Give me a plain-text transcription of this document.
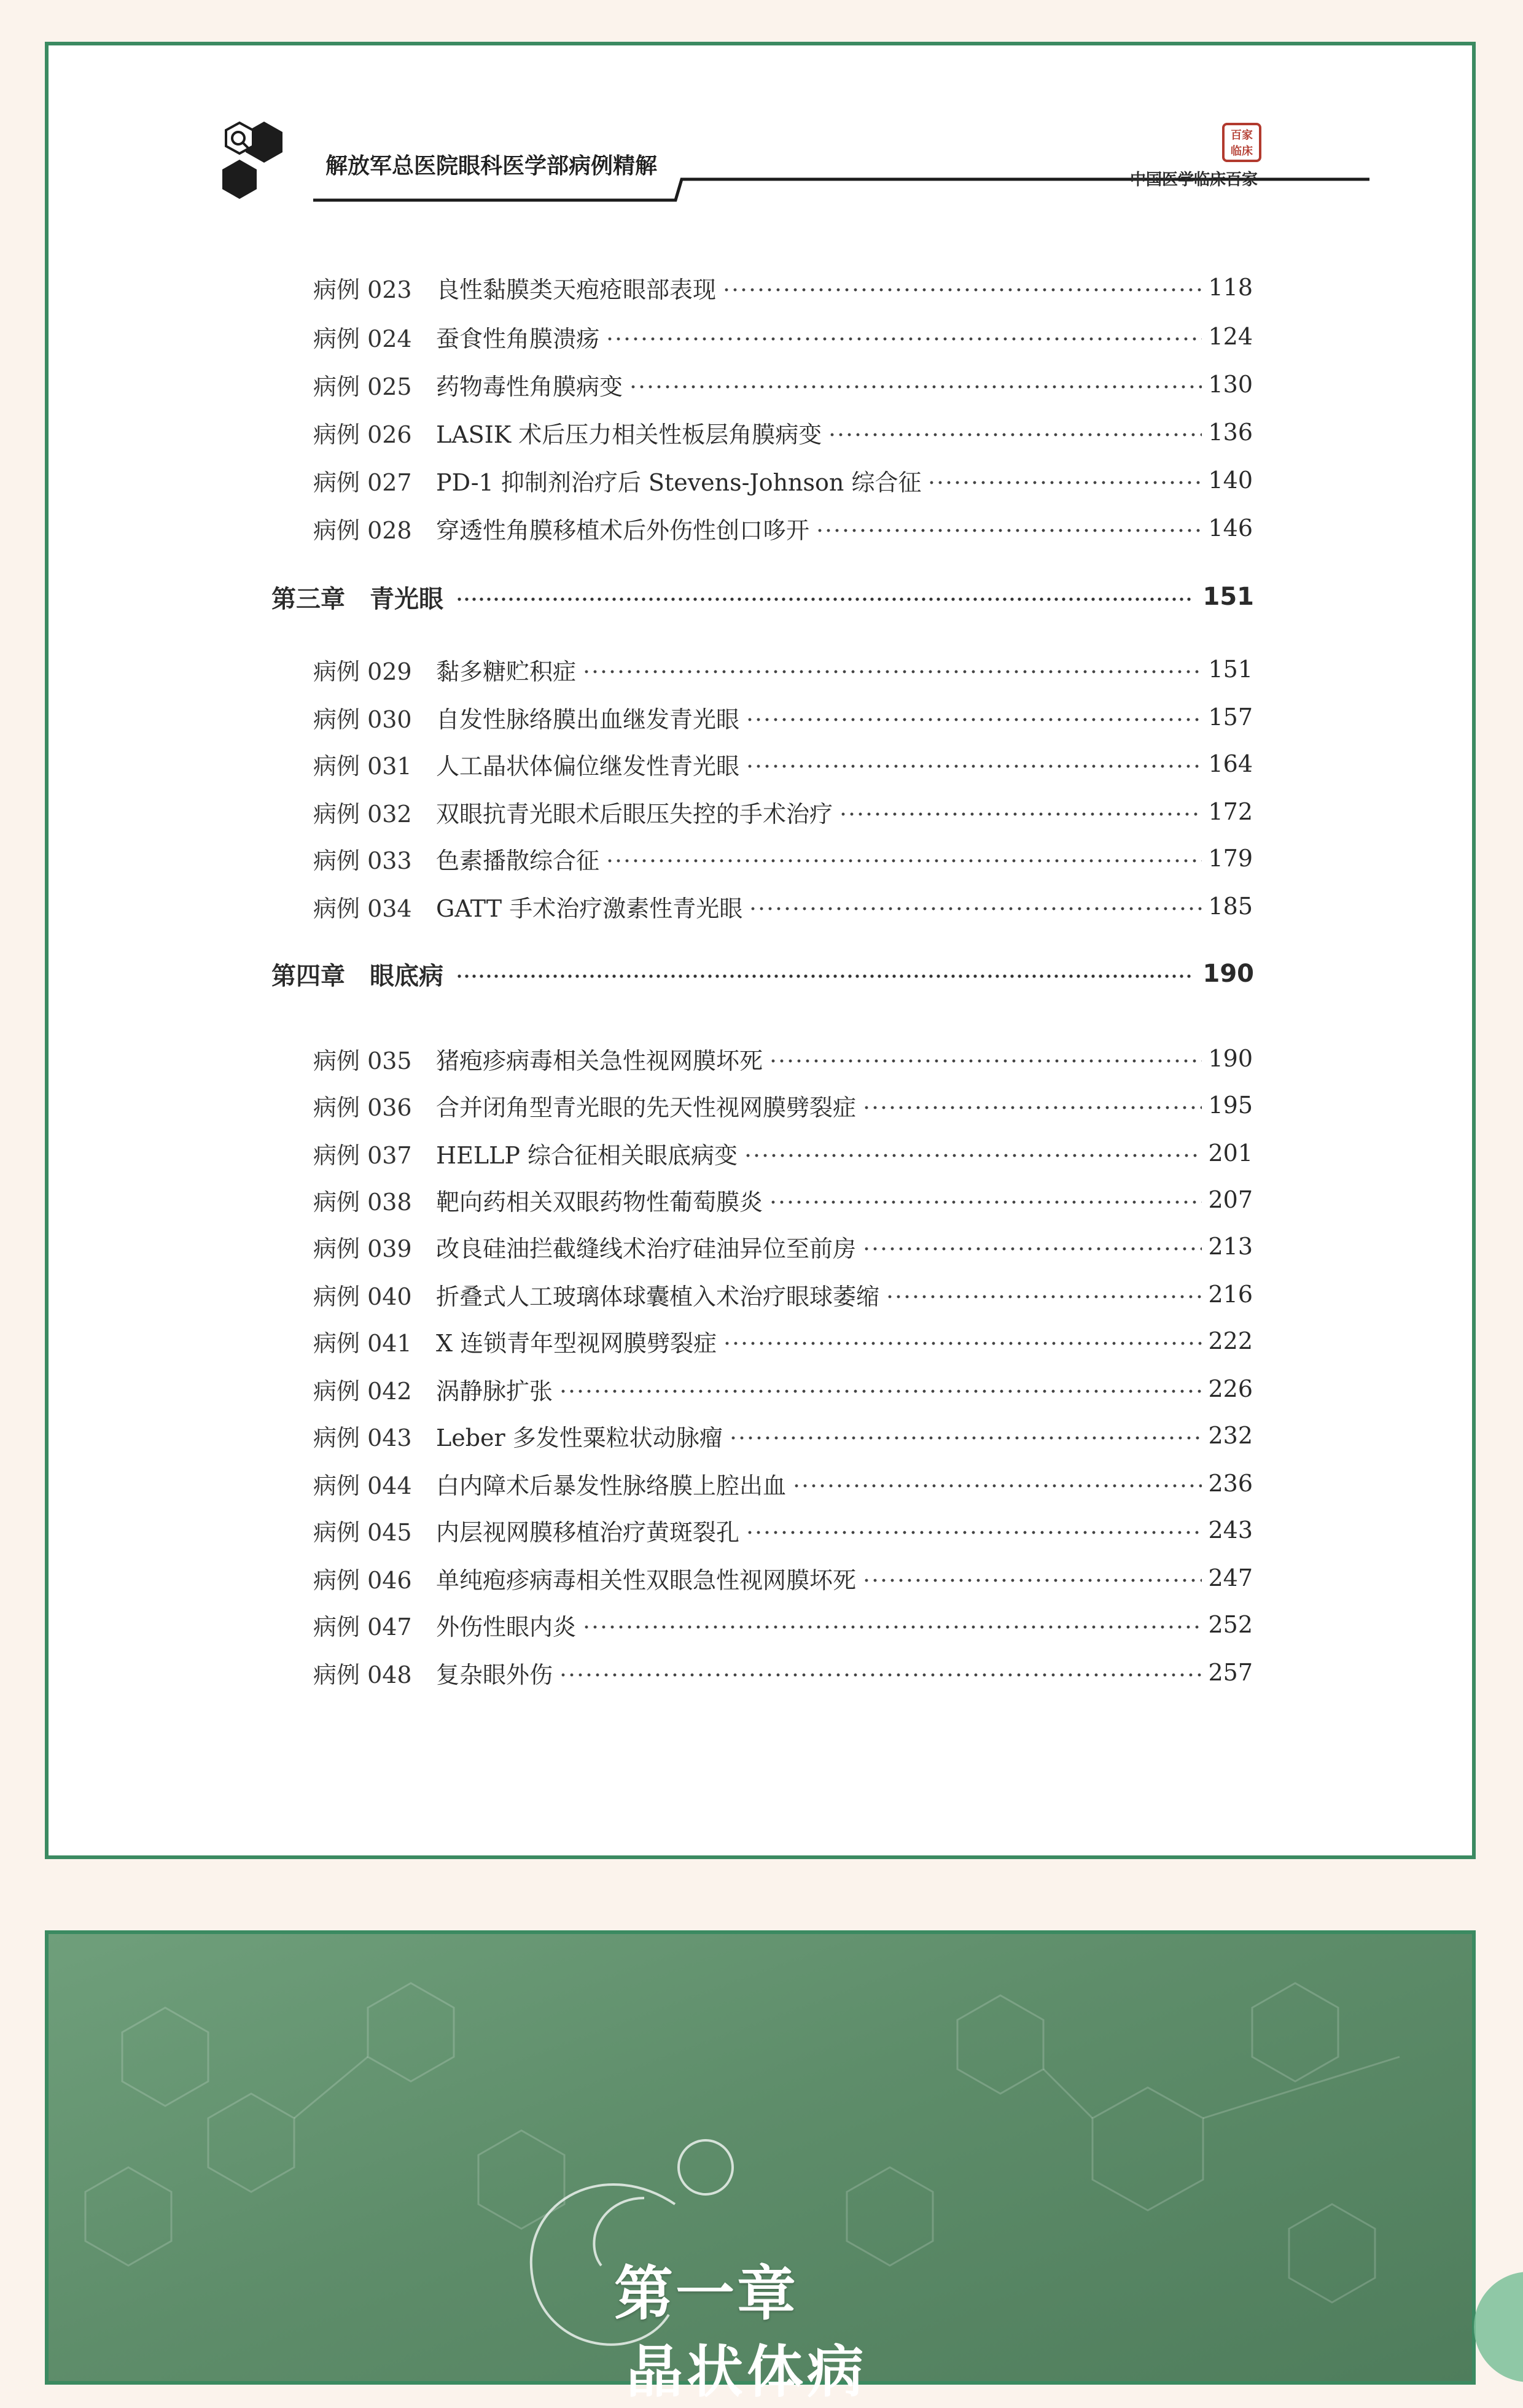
解放军总医院眼科医学部病例精解
百家
临床
中国医学临床百家
病例 023	良性黏膜类天疱疮眼部表现	118
病例 024	蚕食性角膜溃疡	124
病例 025	药物毒性角膜病变	130
病例 026	LASIK 术后压力相关性板层角膜病变	136
病例 027	PD-1 抑制剂治疗后 Stevens-Johnson 综合征	140
病例 028	穿透性角膜移植术后外伤性创口哆开	146
第三章 青光眼	151
病例 029	黏多糖贮积症	151
病例 030	自发性脉络膜出血继发青光眼	157
病例 031	人工晶状体偏位继发性青光眼	164
病例 032	双眼抗青光眼术后眼压失控的手术治疗	172
病例 033	色素播散综合征	179
病例 034	GATT 手术治疗激素性青光眼	185
第四章 眼底病	190
病例 035	猪疱疹病毒相关急性视网膜坏死	190
病例 036	合并闭角型青光眼的先天性视网膜劈裂症	195
病例 037	HELLP 综合征相关眼底病变	201
病例 038	靶向药相关双眼药物性葡萄膜炎	207
病例 039	改良硅油拦截缝线术治疗硅油异位至前房	213
病例 040	折叠式人工玻璃体球囊植入术治疗眼球萎缩	216
病例 041	X 连锁青年型视网膜劈裂症	222
病例 042	涡静脉扩张	226
病例 043	Leber 多发性粟粒状动脉瘤	232
病例 044	白内障术后暴发性脉络膜上腔出血	236
病例 045	内层视网膜移植治疗黄斑裂孔	243
病例 046	单纯疱疹病毒相关性双眼急性视网膜坏死	247
病例 047	外伤性眼内炎	252
病例 048	复杂眼外伤	257
第一章
晶状体病
